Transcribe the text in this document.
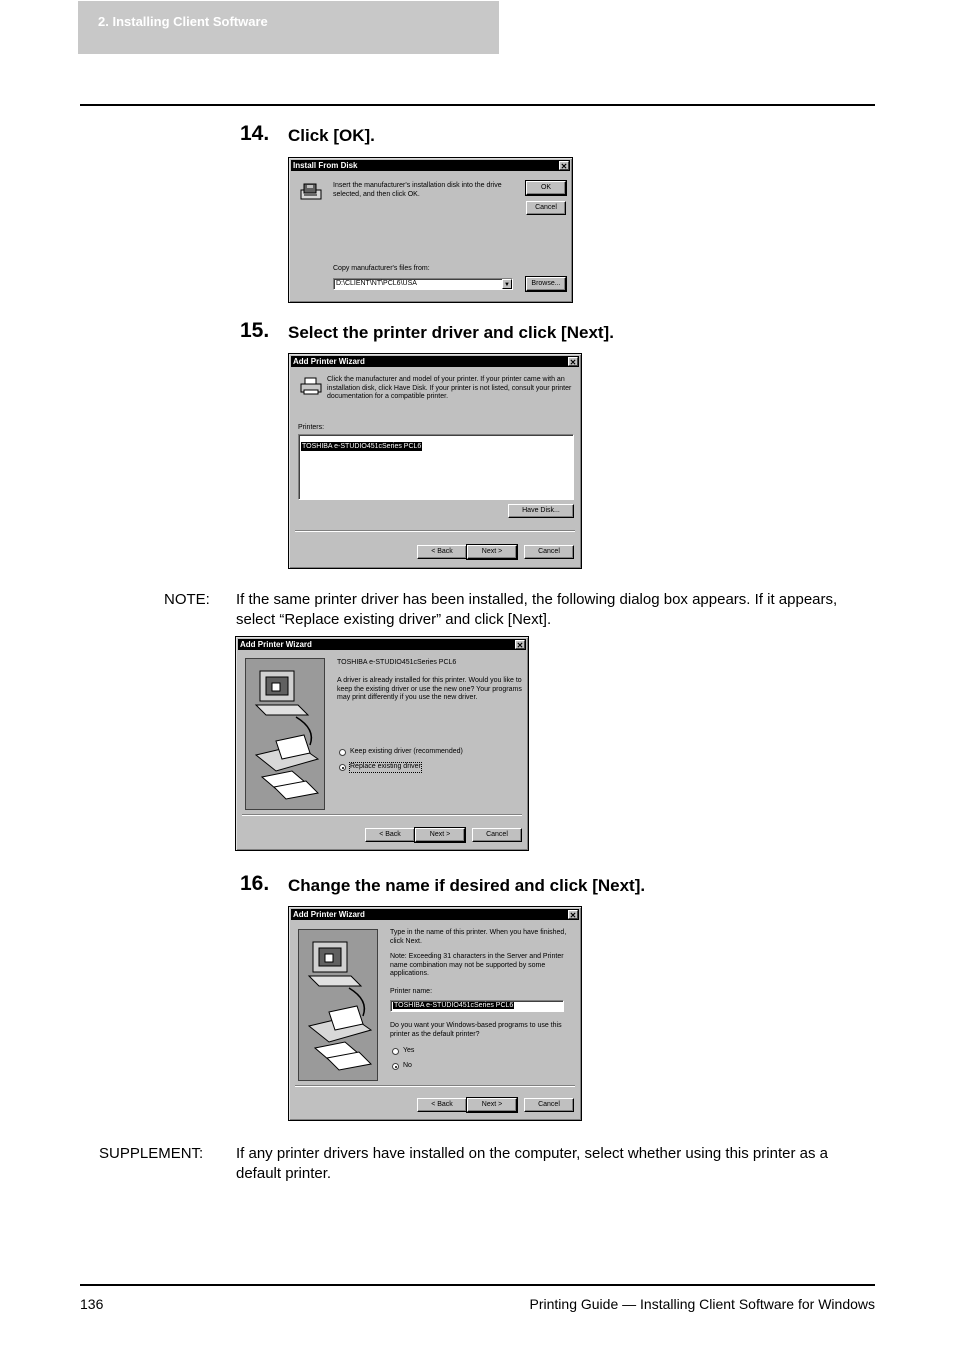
2. Installing Client Software
14. Click [OK].
Install From Disk	✕
Insert the manufacturer's installation disk into the drive selected, and then click OK.
OK
Cancel
Copy manufacturer's files from:
D:\CLIENT\NT\PCL6\USA	▼	Browse...
15. Select the printer driver and click [Next].
Add Printer Wizard	✕
Click the manufacturer and model of your printer. If your printer came with an installation disk, click Have Disk. If your printer is not listed, consult your printer documentation for a compatible printer.
Printers:
TOSHIBA e-STUDIO451cSeries PCL6
Have Disk...
< Back	Next >	Cancel
NOTE: If the same printer driver has been installed, the following dialog box appears. If it appears, select “Replace existing driver” and click [Next].
Add Printer Wizard	✕
TOSHIBA e-STUDIO451cSeries PCL6
A driver is already installed for this printer. Would you like to keep the existing driver or use the new one? Your programs may print differently if you use the new driver.
Keep existing driver (recommended)
Replace existing driver
< Back	Next >	Cancel
16. Change the name if desired and click [Next].
Add Printer Wizard	✕
Type in the name of this printer. When you have finished, click Next.
Note: Exceeding 31 characters in the Server and Printer name combination may not be supported by some applications.
Printer name:
TOSHIBA e-STUDIO451cSeries PCL6
Do you want your Windows-based programs to use this printer as the default printer?
Yes
No
< Back	Next >	Cancel
SUPPLEMENT: If any printer drivers have installed on the computer, select whether using this printer as a default printer.
136	Printing Guide — Installing Client Software for Windows
